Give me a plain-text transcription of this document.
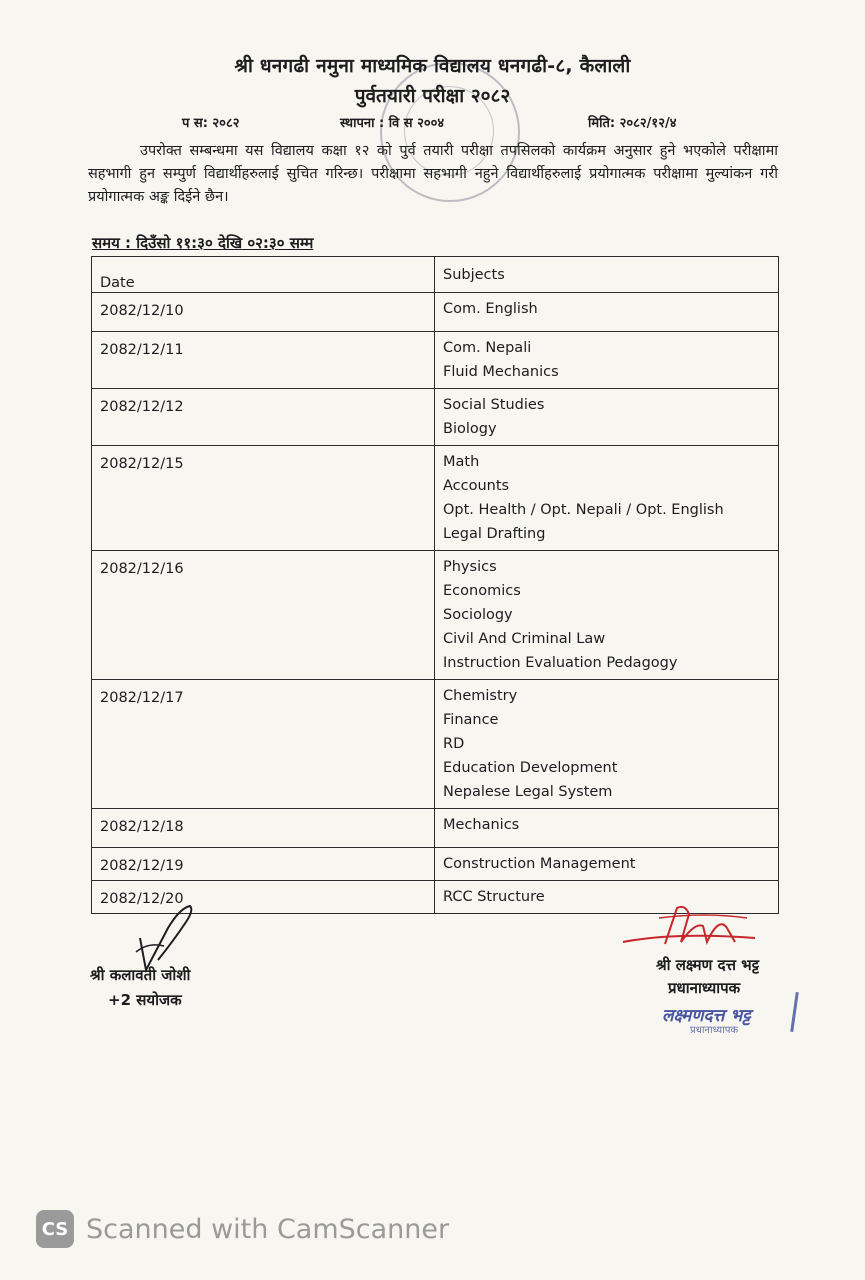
श्री धनगढी नमुना माध्यमिक विद्यालय धनगढी-८, कैलाली
पुर्वतयारी परीक्षा २०८२
प स: २०८२	स्थापना : वि स २००४	मिति: २०८२/१२/४
उपरोक्त सम्बन्धमा यस विद्यालय कक्षा १२ को पुर्व तयारी परीक्षा तपसिलको कार्यक्रम अनुसार हुने भएकोले परीक्षामा सहभागी हुन सम्पुर्ण विद्यार्थीहरुलाई सुचित गरिन्छ। परीक्षामा सहभागी नहुने विद्यार्थीहरुलाई प्रयोगात्मक परीक्षामा मुल्यांकन गरी प्रयोगात्मक अङ्क दिईने छैन।
समय : दिउँसो ११:३० देखि ०२:३० सम्म
Date	Subjects
2082/12/10	Com. English

2082/12/11	Com. Nepali
Fluid Mechanics

2082/12/12	Social Studies
Biology

2082/12/15	Math
Accounts
Opt. Health / Opt. Nepali / Opt. English
Legal Drafting

2082/12/16	Physics
Economics
Sociology
Civil And Criminal Law
Instruction Evaluation Pedagogy

2082/12/17	Chemistry
Finance
RD
Education Development
Nepalese Legal System

2082/12/18	Mechanics

2082/12/19	Construction Management

2082/12/20	RCC Structure
श्री कलावती जोशी
+2 सयोजक
श्री लक्ष्मण दत्त भट्ट
प्रधानाध्यापक
लक्ष्मणदत्त भट्ट
प्रधानाध्यापक
CS Scanned with CamScanner
